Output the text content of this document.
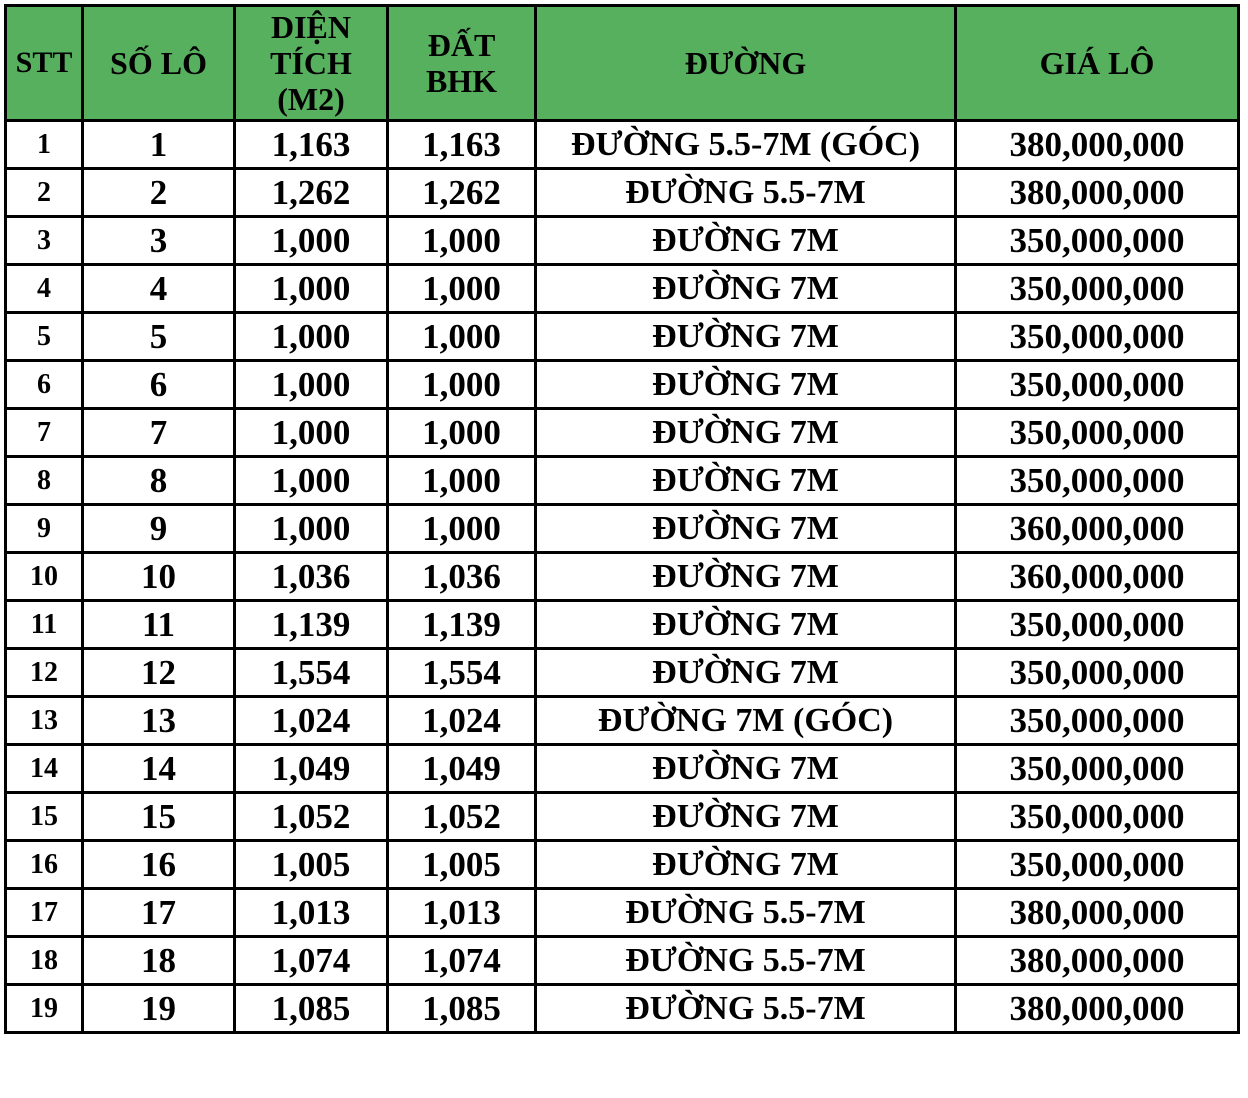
STT	SỐ LÔ	DIỆN TÍCH (M2)	ĐẤT BHK	ĐƯỜNG	GIÁ LÔ
1	1	1,163	1,163	ĐƯỜNG 5.5-7M (GÓC)	380,000,000
2	2	1,262	1,262	ĐƯỜNG 5.5-7M	380,000,000
3	3	1,000	1,000	ĐƯỜNG 7M	350,000,000
4	4	1,000	1,000	ĐƯỜNG 7M	350,000,000
5	5	1,000	1,000	ĐƯỜNG 7M	350,000,000
6	6	1,000	1,000	ĐƯỜNG 7M	350,000,000
7	7	1,000	1,000	ĐƯỜNG 7M	350,000,000
8	8	1,000	1,000	ĐƯỜNG 7M	350,000,000
9	9	1,000	1,000	ĐƯỜNG 7M	360,000,000
10	10	1,036	1,036	ĐƯỜNG 7M	360,000,000
11	11	1,139	1,139	ĐƯỜNG 7M	350,000,000
12	12	1,554	1,554	ĐƯỜNG 7M	350,000,000
13	13	1,024	1,024	ĐƯỜNG 7M (GÓC)	350,000,000
14	14	1,049	1,049	ĐƯỜNG 7M	350,000,000
15	15	1,052	1,052	ĐƯỜNG 7M	350,000,000
16	16	1,005	1,005	ĐƯỜNG 7M	350,000,000
17	17	1,013	1,013	ĐƯỜNG 5.5-7M	380,000,000
18	18	1,074	1,074	ĐƯỜNG 5.5-7M	380,000,000
19	19	1,085	1,085	ĐƯỜNG 5.5-7M	380,000,000
